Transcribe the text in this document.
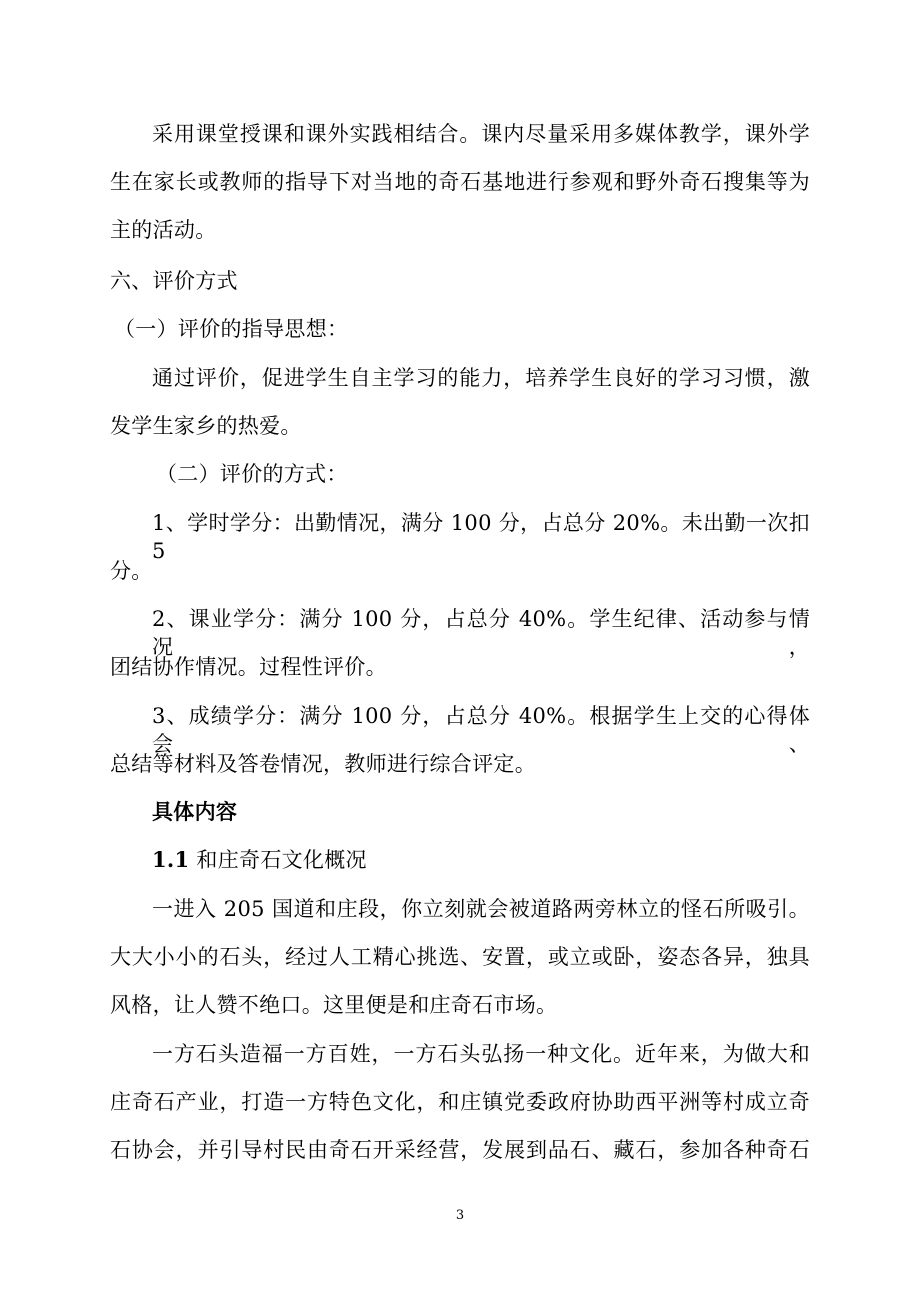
采用课堂授课和课外实践相结合。课内尽量采用多媒体教学，课外学
生在家长或教师的指导下对当地的奇石基地进行参观和野外奇石搜集等为
主的活动。
六、评价方式
（一）评价的指导思想：
通过评价，促进学生自主学习的能力，培养学生良好的学习习惯，激
发学生家乡的热爱。
（二）评价的方式：
1、学时学分：出勤情况，满分 100 分，占总分 20%。未出勤一次扣 5
分。
2、课业学分：满分 100 分，占总分 40%。学生纪律、活动参与情况，
团结协作情况。过程性评价。
3、成绩学分：满分 100 分，占总分 40%。根据学生上交的心得体会、
总结等材料及答卷情况，教师进行综合评定。
具体内容
1.1 和庄奇石文化概况
一进入 205 国道和庄段，你立刻就会被道路两旁林立的怪石所吸引。
大大小小的石头，经过人工精心挑选、安置，或立或卧，姿态各异，独具
风格，让人赞不绝口。这里便是和庄奇石市场。
一方石头造福一方百姓，一方石头弘扬一种文化。近年来，为做大和
庄奇石产业，打造一方特色文化，和庄镇党委政府协助西平洲等村成立奇
石协会，并引导村民由奇石开采经营，发展到品石、藏石，参加各种奇石
3
